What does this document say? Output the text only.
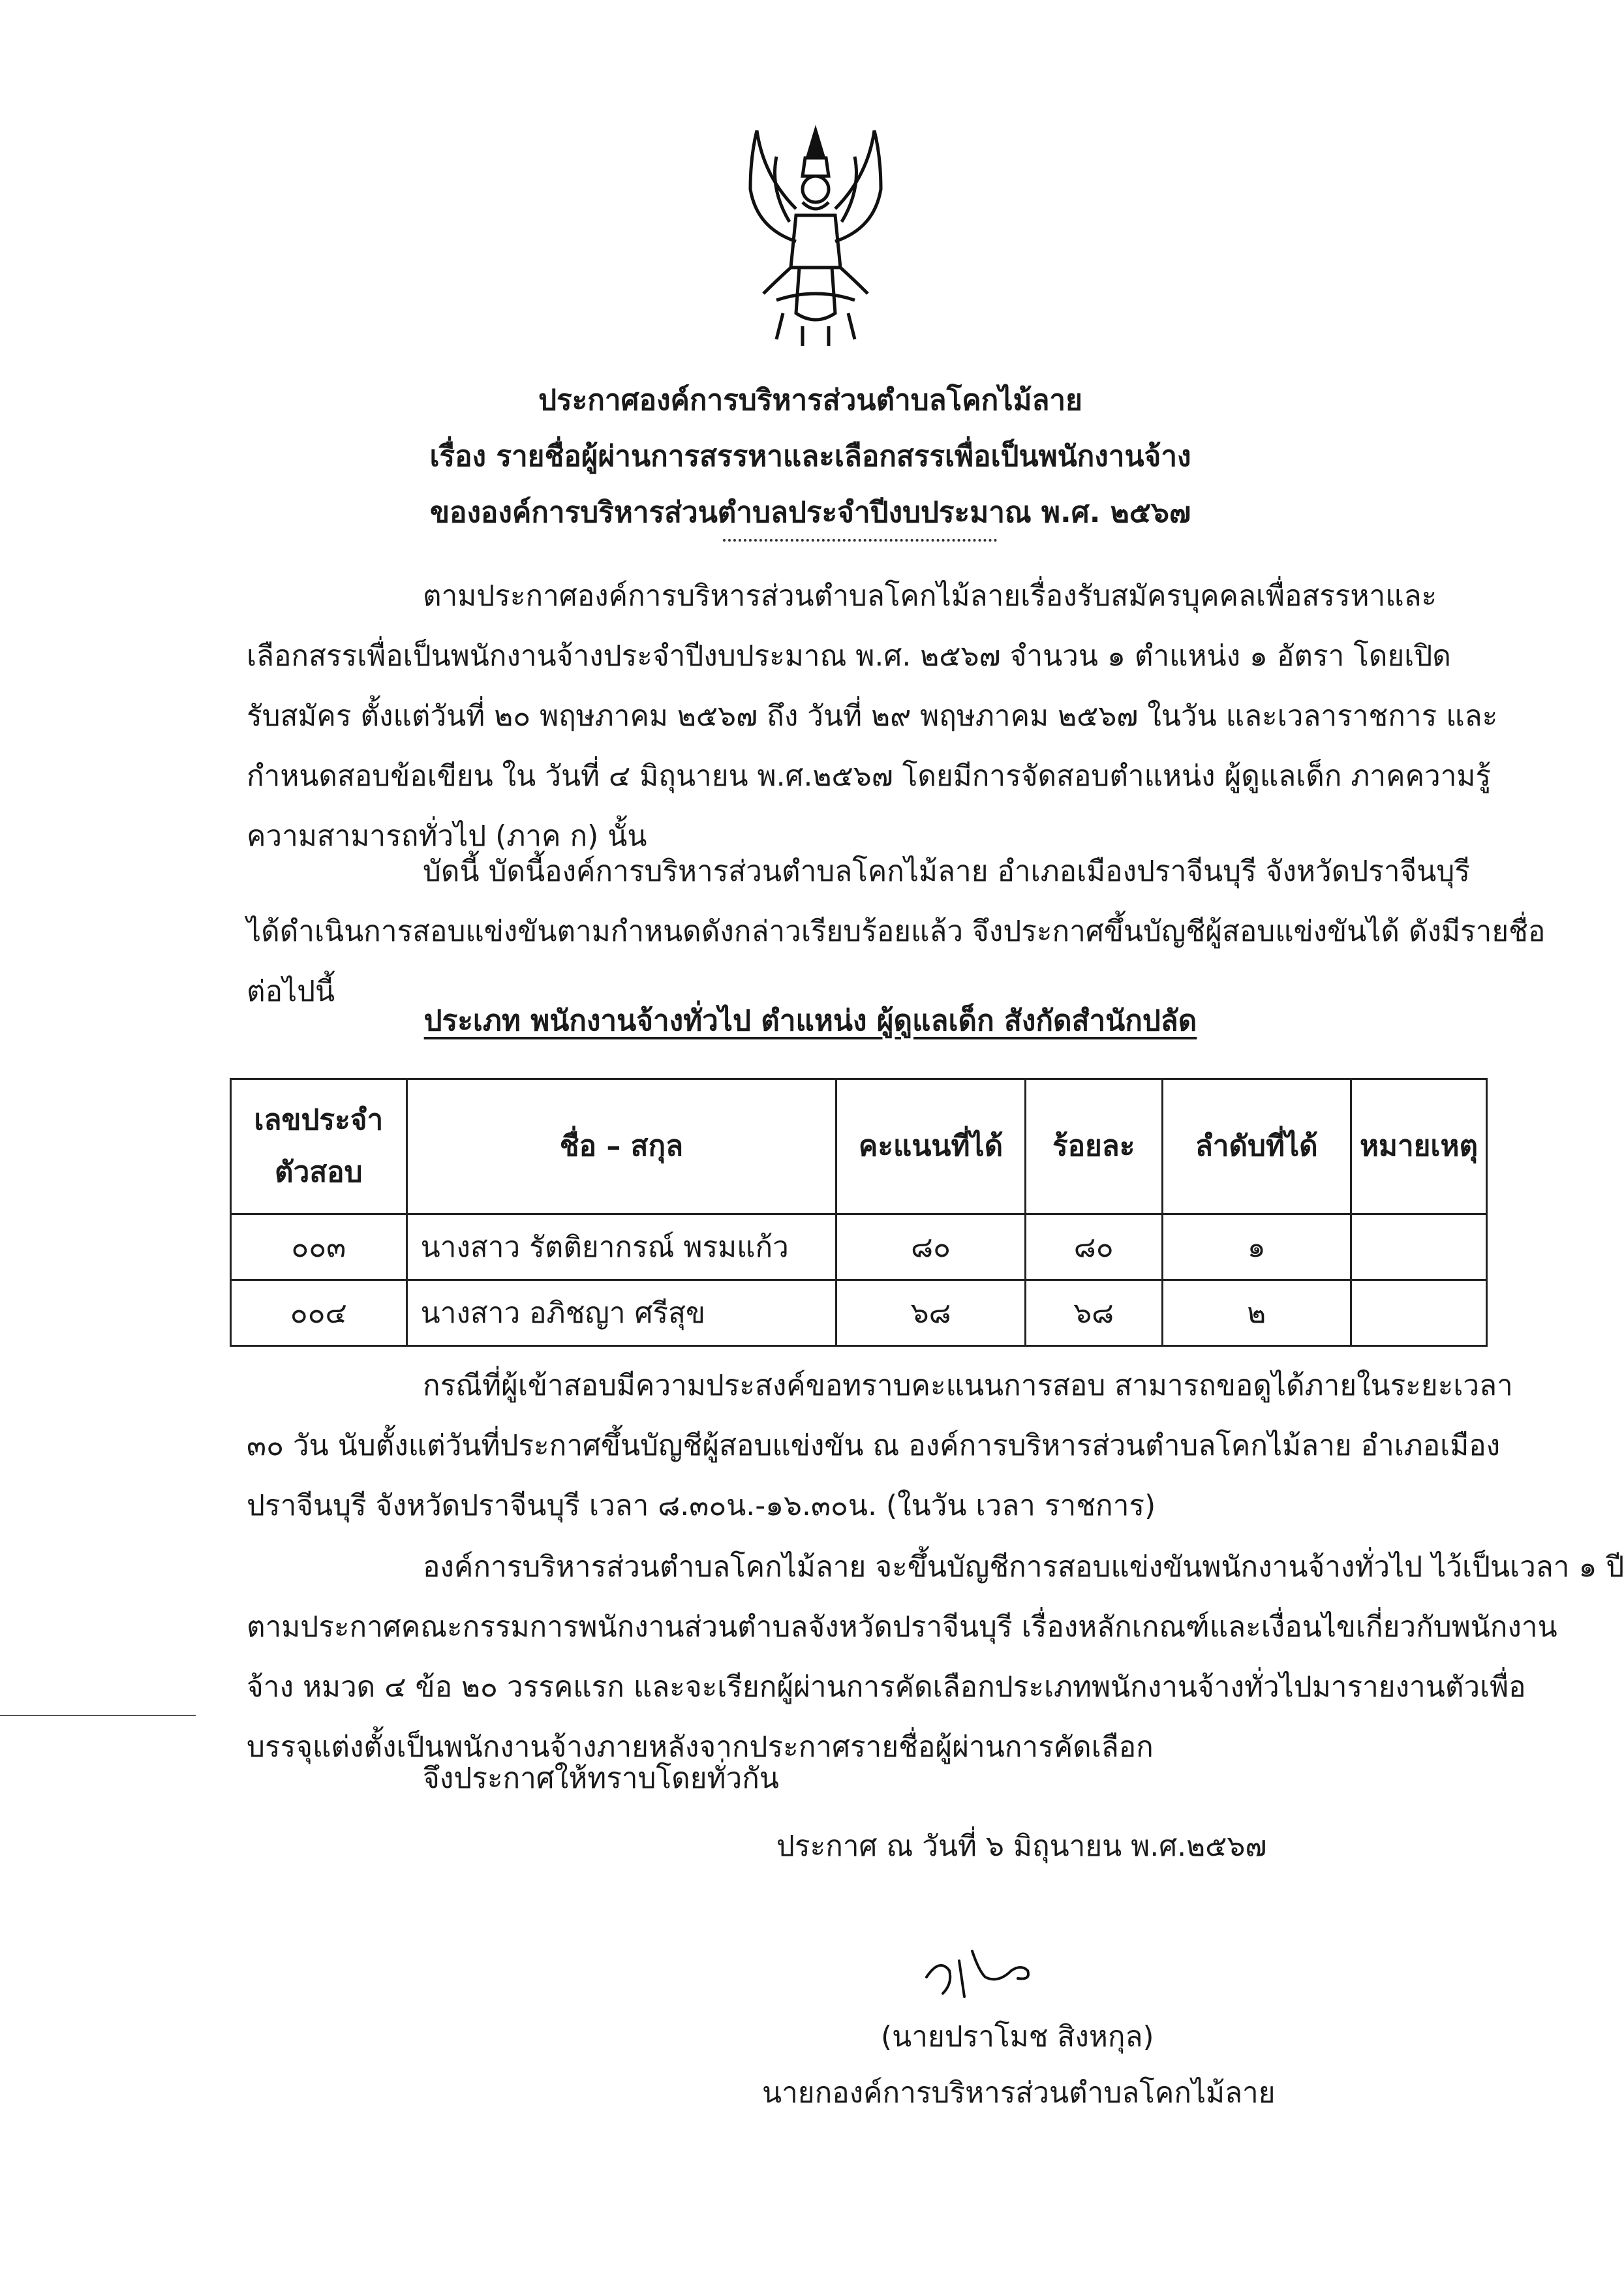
ประกาศองค์การบริหารส่วนตำบลโคกไม้ลาย
เรื่อง รายชื่อผู้ผ่านการสรรหาและเลือกสรรเพื่อเป็นพนักงานจ้าง
ขององค์การบริหารส่วนตำบลประจำปีงบประมาณ พ.ศ. ๒๕๖๗
ตามประกาศองค์การบริหารส่วนตำบลโคกไม้ลายเรื่องรับสมัครบุคคลเพื่อสรรหาและ
เลือกสรรเพื่อเป็นพนักงานจ้างประจำปีงบประมาณ พ.ศ. ๒๕๖๗ จำนวน ๑ ตำแหน่ง ๑ อัตรา โดยเปิด
รับสมัคร ตั้งแต่วันที่ ๒๐ พฤษภาคม ๒๕๖๗ ถึง วันที่ ๒๙ พฤษภาคม ๒๕๖๗ ในวัน และเวลาราชการ และ
กำหนดสอบข้อเขียน ใน วันที่ ๔ มิถุนายน พ.ศ.๒๕๖๗ โดยมีการจัดสอบตำแหน่ง ผู้ดูแลเด็ก ภาคความรู้
ความสามารถทั่วไป (ภาค ก) นั้น
บัดนี้ บัดนี้องค์การบริหารส่วนตำบลโคกไม้ลาย อำเภอเมืองปราจีนบุรี จังหวัดปราจีนบุรี
ได้ดำเนินการสอบแข่งขันตามกำหนดดังกล่าวเรียบร้อยแล้ว จึงประกาศขึ้นบัญชีผู้สอบแข่งขันได้ ดังมีรายชื่อ
ต่อไปนี้
ประเภท พนักงานจ้างทั่วไป ตำแหน่ง ผู้ดูแลเด็ก สังกัดสำนักปลัด
เลขประจำ
ตัวสอบ	ชื่อ – สกุล	คะแนนที่ได้	ร้อยละ	ลำดับที่ได้	หมายเหตุ
๐๐๓	นางสาว รัตติยากรณ์ พรมแก้ว	๘๐	๘๐	๑	
๐๐๔	นางสาว อภิชญา ศรีสุข	๖๘	๖๘	๒	
กรณีที่ผู้เข้าสอบมีความประสงค์ขอทราบคะแนนการสอบ สามารถขอดูได้ภายในระยะเวลา
๓๐ วัน นับตั้งแต่วันที่ประกาศขึ้นบัญชีผู้สอบแข่งขัน ณ องค์การบริหารส่วนตำบลโคกไม้ลาย อำเภอเมือง
ปราจีนบุรี จังหวัดปราจีนบุรี เวลา ๘.๓๐น.-๑๖.๓๐น. (ในวัน เวลา ราชการ)
องค์การบริหารส่วนตำบลโคกไม้ลาย จะขึ้นบัญชีการสอบแข่งขันพนักงานจ้างทั่วไป ไว้เป็นเวลา ๑ ปี
ตามประกาศคณะกรรมการพนักงานส่วนตำบลจังหวัดปราจีนบุรี เรื่องหลักเกณฑ์และเงื่อนไขเกี่ยวกับพนักงาน
จ้าง หมวด ๔ ข้อ ๒๐ วรรคแรก และจะเรียกผู้ผ่านการคัดเลือกประเภทพนักงานจ้างทั่วไปมารายงานตัวเพื่อ
บรรจุแต่งตั้งเป็นพนักงานจ้างภายหลังจากประกาศรายชื่อผู้ผ่านการคัดเลือก
จึงประกาศให้ทราบโดยทั่วกัน
ประกาศ ณ วันที่ ๖ มิถุนายน พ.ศ.๒๕๖๗
(นายปราโมช สิงหกุล)
นายกองค์การบริหารส่วนตำบลโคกไม้ลาย
